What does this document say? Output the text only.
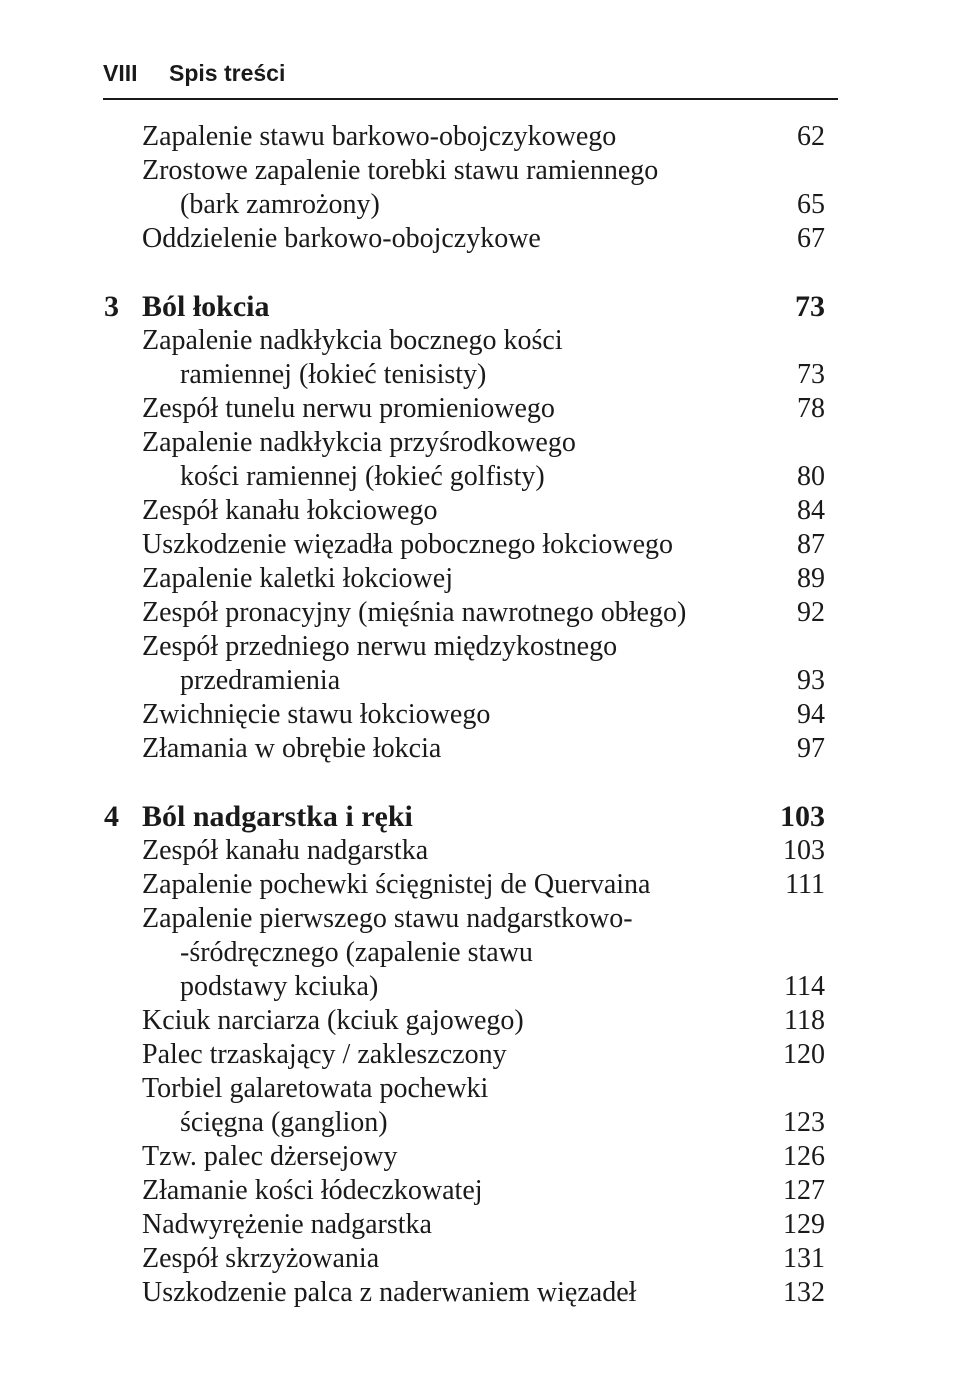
VIII Spis treści
Zapalenie stawu barkowo-obojczykowego	62
Zrostowe zapalenie torebki stawu ramiennego
(bark zamrożony)	65
Oddzielenie barkowo-obojczykowe	67
3 Ból łokcia	73
Zapalenie nadkłykcia bocznego kości
ramiennej (łokieć tenisisty)	73
Zespół tunelu nerwu promieniowego	78
Zapalenie nadkłykcia przyśrodkowego
kości ramiennej (łokieć golfisty)	80
Zespół kanału łokciowego	84
Uszkodzenie więzadła pobocznego łokciowego	87
Zapalenie kaletki łokciowej	89
Zespół pronacyjny (mięśnia nawrotnego obłego)	92
Zespół przedniego nerwu międzykostnego
przedramienia	93
Zwichnięcie stawu łokciowego	94
Złamania w obrębie łokcia	97
4 Ból nadgarstka i ręki	103
Zespół kanału nadgarstka	103
Zapalenie pochewki ścięgnistej de Quervaina	111
Zapalenie pierwszego stawu nadgarstkowo-
-śródręcznego (zapalenie stawu
podstawy kciuka)	114
Kciuk narciarza (kciuk gajowego)	118
Palec trzaskający / zakleszczony	120
Torbiel galaretowata pochewki
ścięgna (ganglion)	123
Tzw. palec dżersejowy	126
Złamanie kości łódeczkowatej	127
Nadwyrężenie nadgarstka	129
Zespół skrzyżowania	131
Uszkodzenie palca z naderwaniem więzadeł	132
